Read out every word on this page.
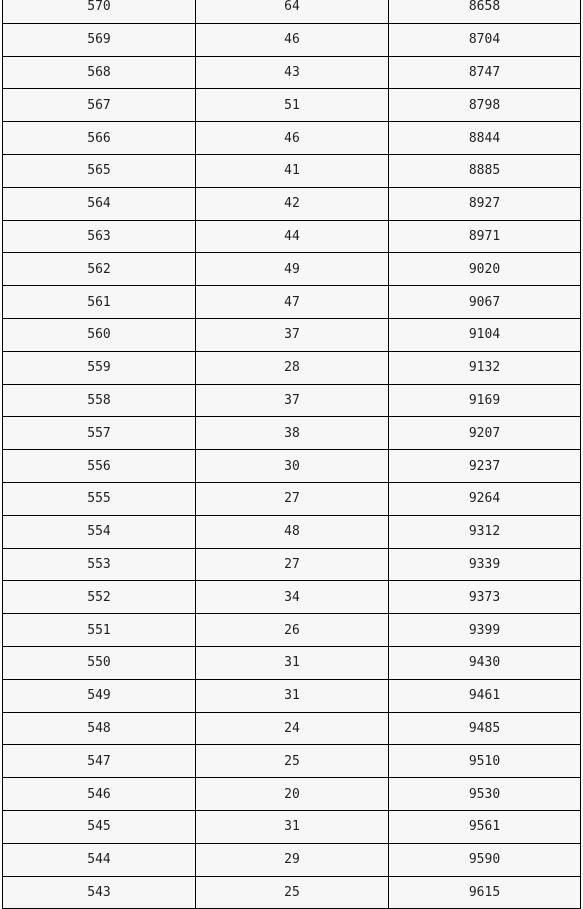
570	64	8658
569	46	8704
568	43	8747
567	51	8798
566	46	8844
565	41	8885
564	42	8927
563	44	8971
562	49	9020
561	47	9067
560	37	9104
559	28	9132
558	37	9169
557	38	9207
556	30	9237
555	27	9264
554	48	9312
553	27	9339
552	34	9373
551	26	9399
550	31	9430
549	31	9461
548	24	9485
547	25	9510
546	20	9530
545	31	9561
544	29	9590
543	25	9615
